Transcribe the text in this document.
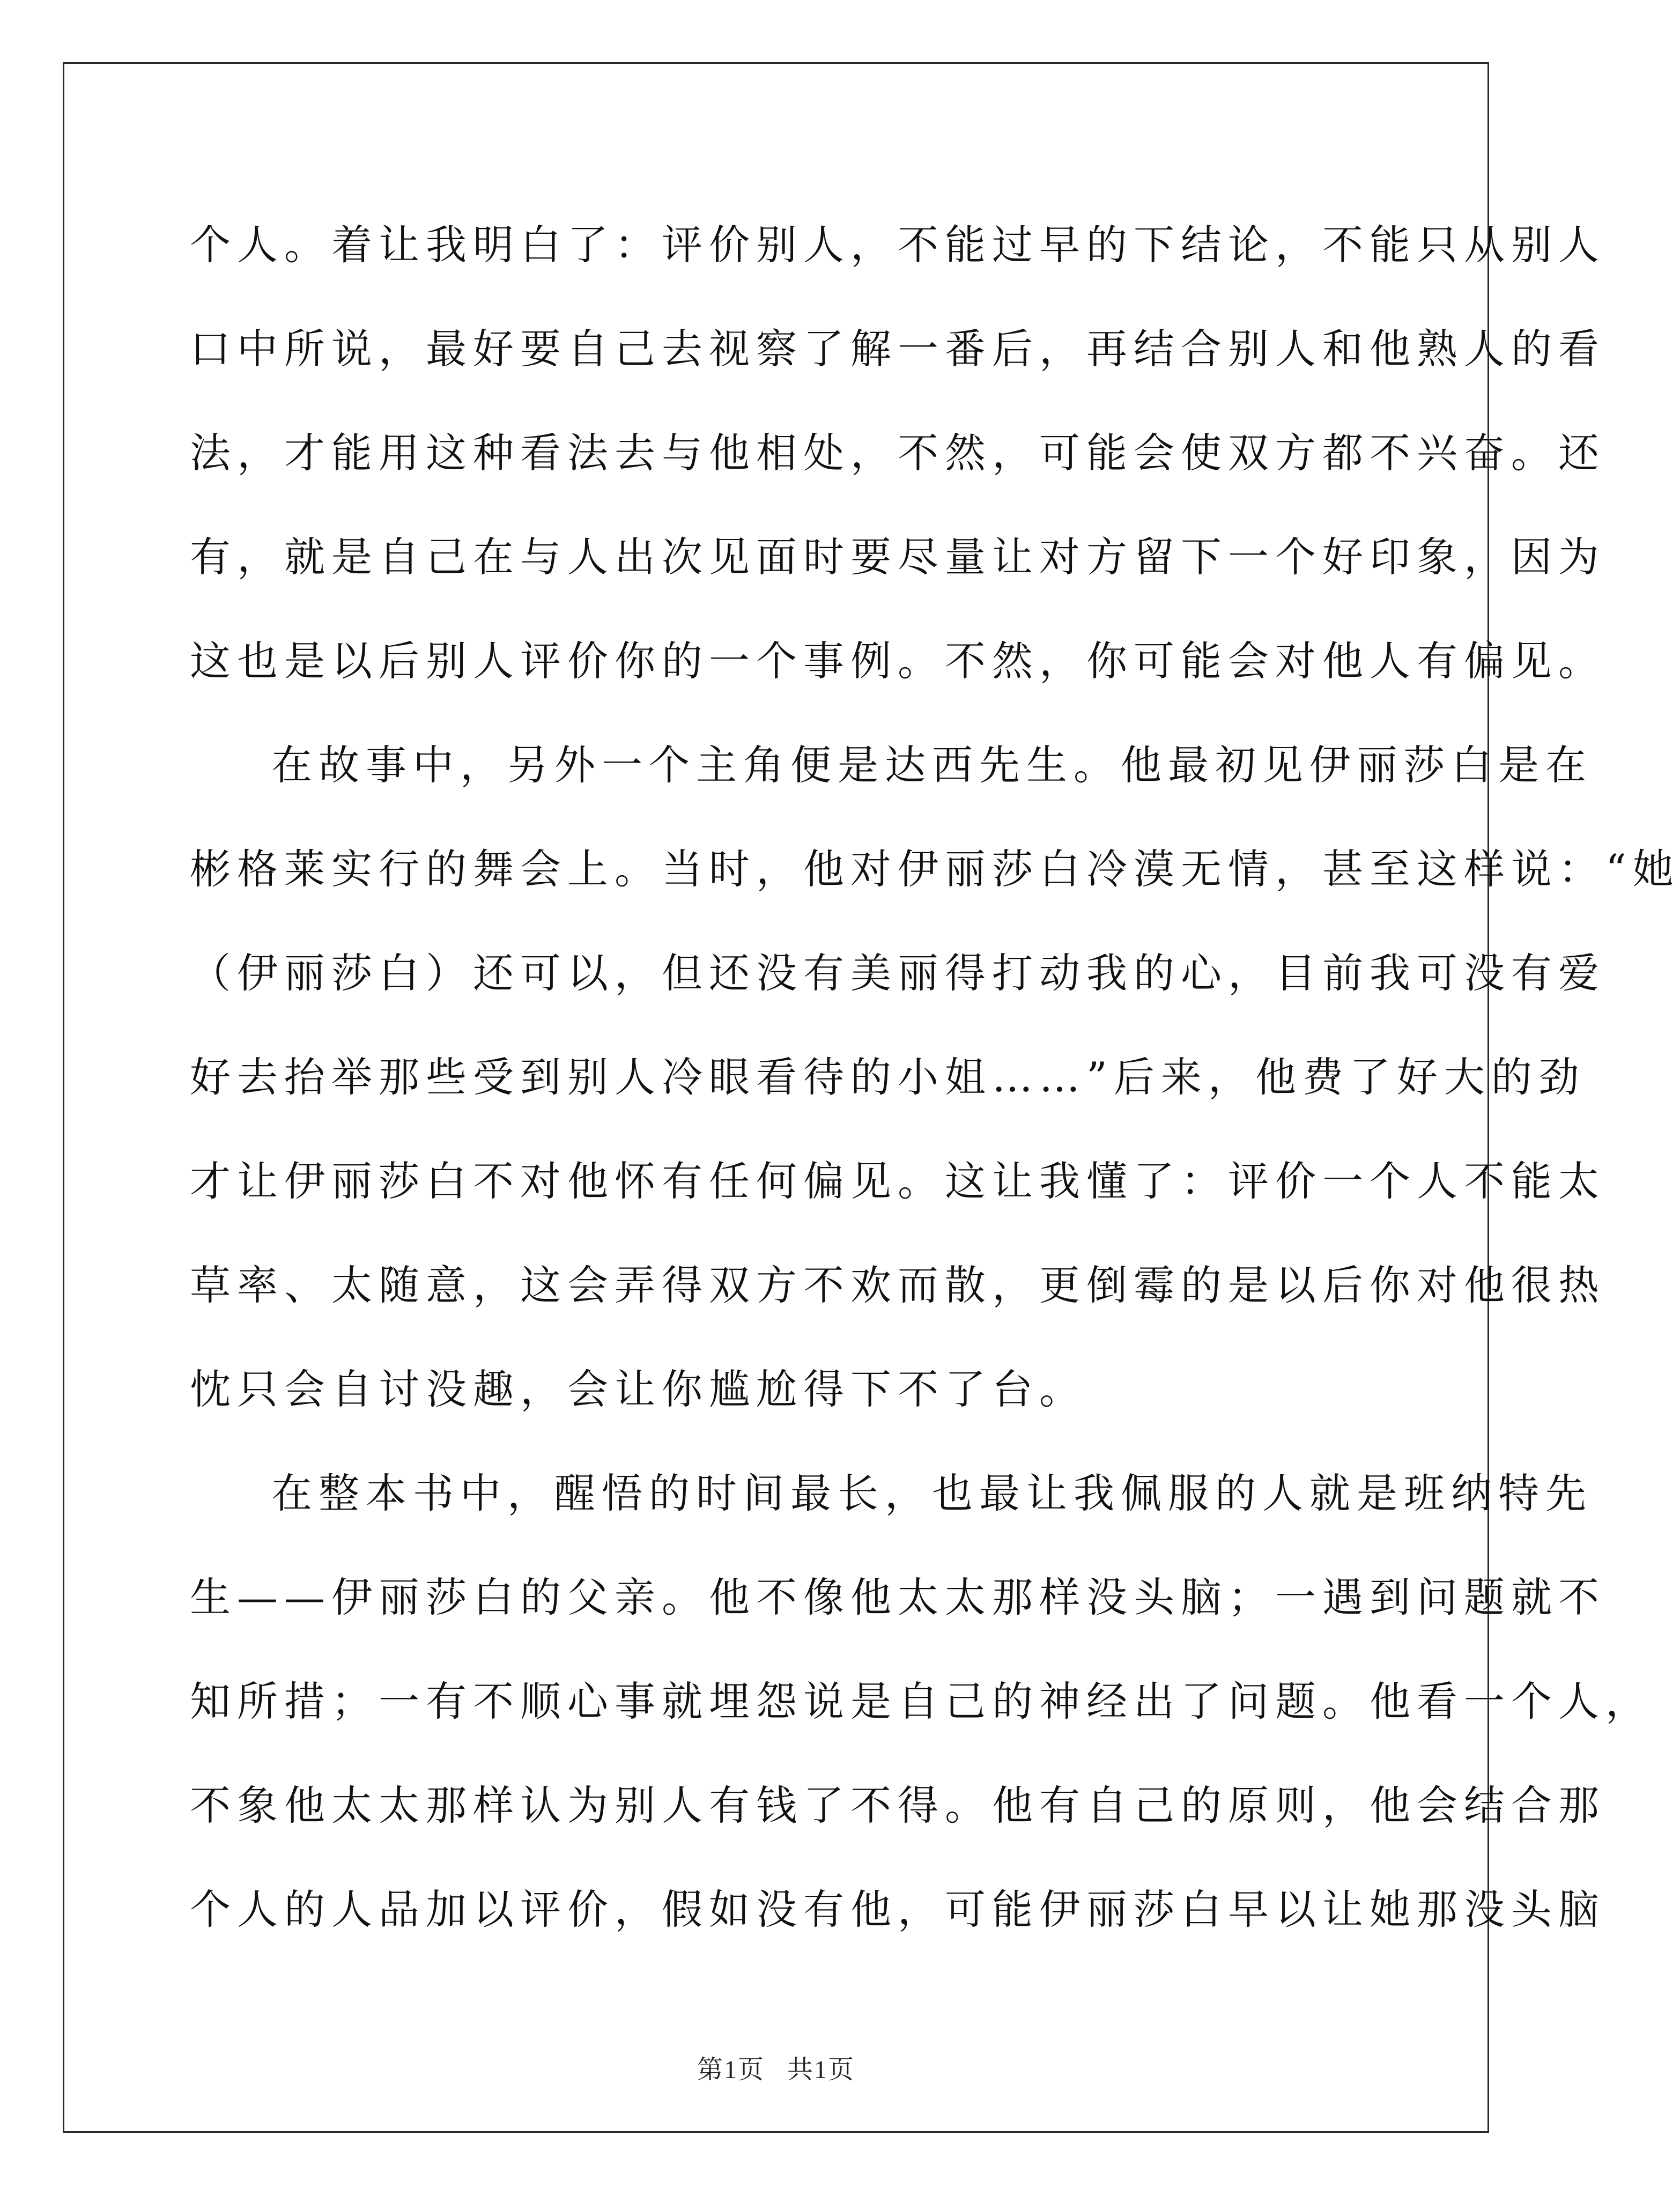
个人。着让我明白了：评价别人，不能过早的下结论，不能只从别人
口中所说，最好要自己去视察了解一番后，再结合别人和他熟人的看
法，才能用这种看法去与他相处，不然，可能会使双方都不兴奋。还
有，就是自己在与人出次见面时要尽量让对方留下一个好印象，因为
这也是以后别人评价你的一个事例。不然，你可能会对他人有偏见。
在故事中，另外一个主角便是达西先生。他最初见伊丽莎白是在
彬格莱实行的舞会上。当时，他对伊丽莎白冷漠无情，甚至这样说：“她
（伊丽莎白）还可以，但还没有美丽得打动我的心，目前我可没有爱
好去抬举那些受到别人冷眼看待的小姐……”后来，他费了好大的劲
才让伊丽莎白不对他怀有任何偏见。这让我懂了：评价一个人不能太
草率、太随意，这会弄得双方不欢而散，更倒霉的是以后你对他很热
忱只会自讨没趣，会让你尴尬得下不了台。
在整本书中，醒悟的时间最长，也最让我佩服的人就是班纳特先
生——伊丽莎白的父亲。他不像他太太那样没头脑；一遇到问题就不
知所措；一有不顺心事就埋怨说是自己的神经出了问题。他看一个人，
不象他太太那样认为别人有钱了不得。他有自己的原则，他会结合那
个人的人品加以评价，假如没有他，可能伊丽莎白早以让她那没头脑
第1页 共1页
